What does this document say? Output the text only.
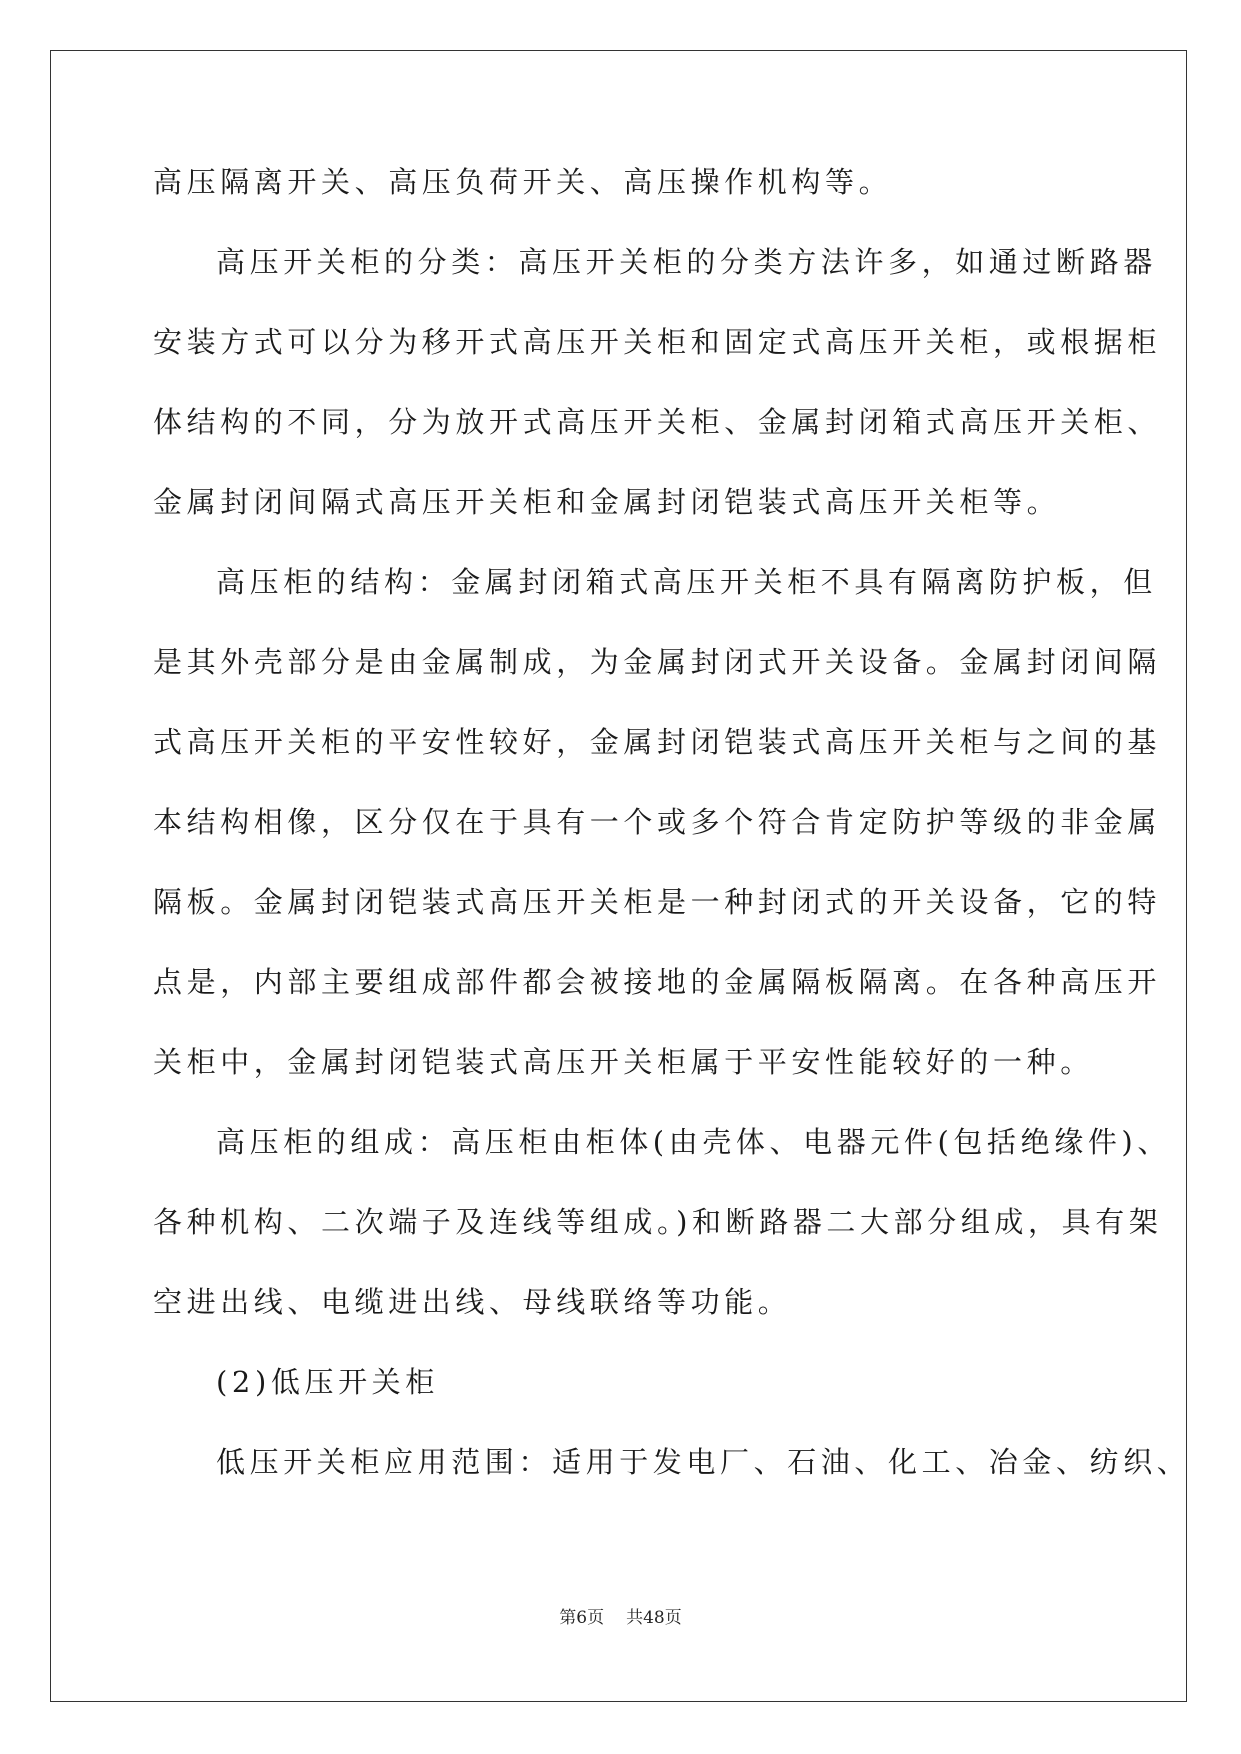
高压隔离开关、高压负荷开关、高压操作机构等。
高压开关柜的分类：高压开关柜的分类方法许多，如通过断路器
安装方式可以分为移开式高压开关柜和固定式高压开关柜，或根据柜
体结构的不同，分为放开式高压开关柜、金属封闭箱式高压开关柜、
金属封闭间隔式高压开关柜和金属封闭铠装式高压开关柜等。
高压柜的结构：金属封闭箱式高压开关柜不具有隔离防护板，但
是其外壳部分是由金属制成，为金属封闭式开关设备。金属封闭间隔
式高压开关柜的平安性较好，金属封闭铠装式高压开关柜与之间的基
本结构相像，区分仅在于具有一个或多个符合肯定防护等级的非金属
隔板。金属封闭铠装式高压开关柜是一种封闭式的开关设备，它的特
点是，内部主要组成部件都会被接地的金属隔板隔离。在各种高压开
关柜中，金属封闭铠装式高压开关柜属于平安性能较好的一种。
高压柜的组成：高压柜由柜体(由壳体、电器元件(包括绝缘件)、
各种机构、二次端子及连线等组成。)和断路器二大部分组成，具有架
空进出线、电缆进出线、母线联络等功能。
(2)低压开关柜
低压开关柜应用范围：适用于发电厂、石油、化工、冶金、纺织、
第6页 共48页
